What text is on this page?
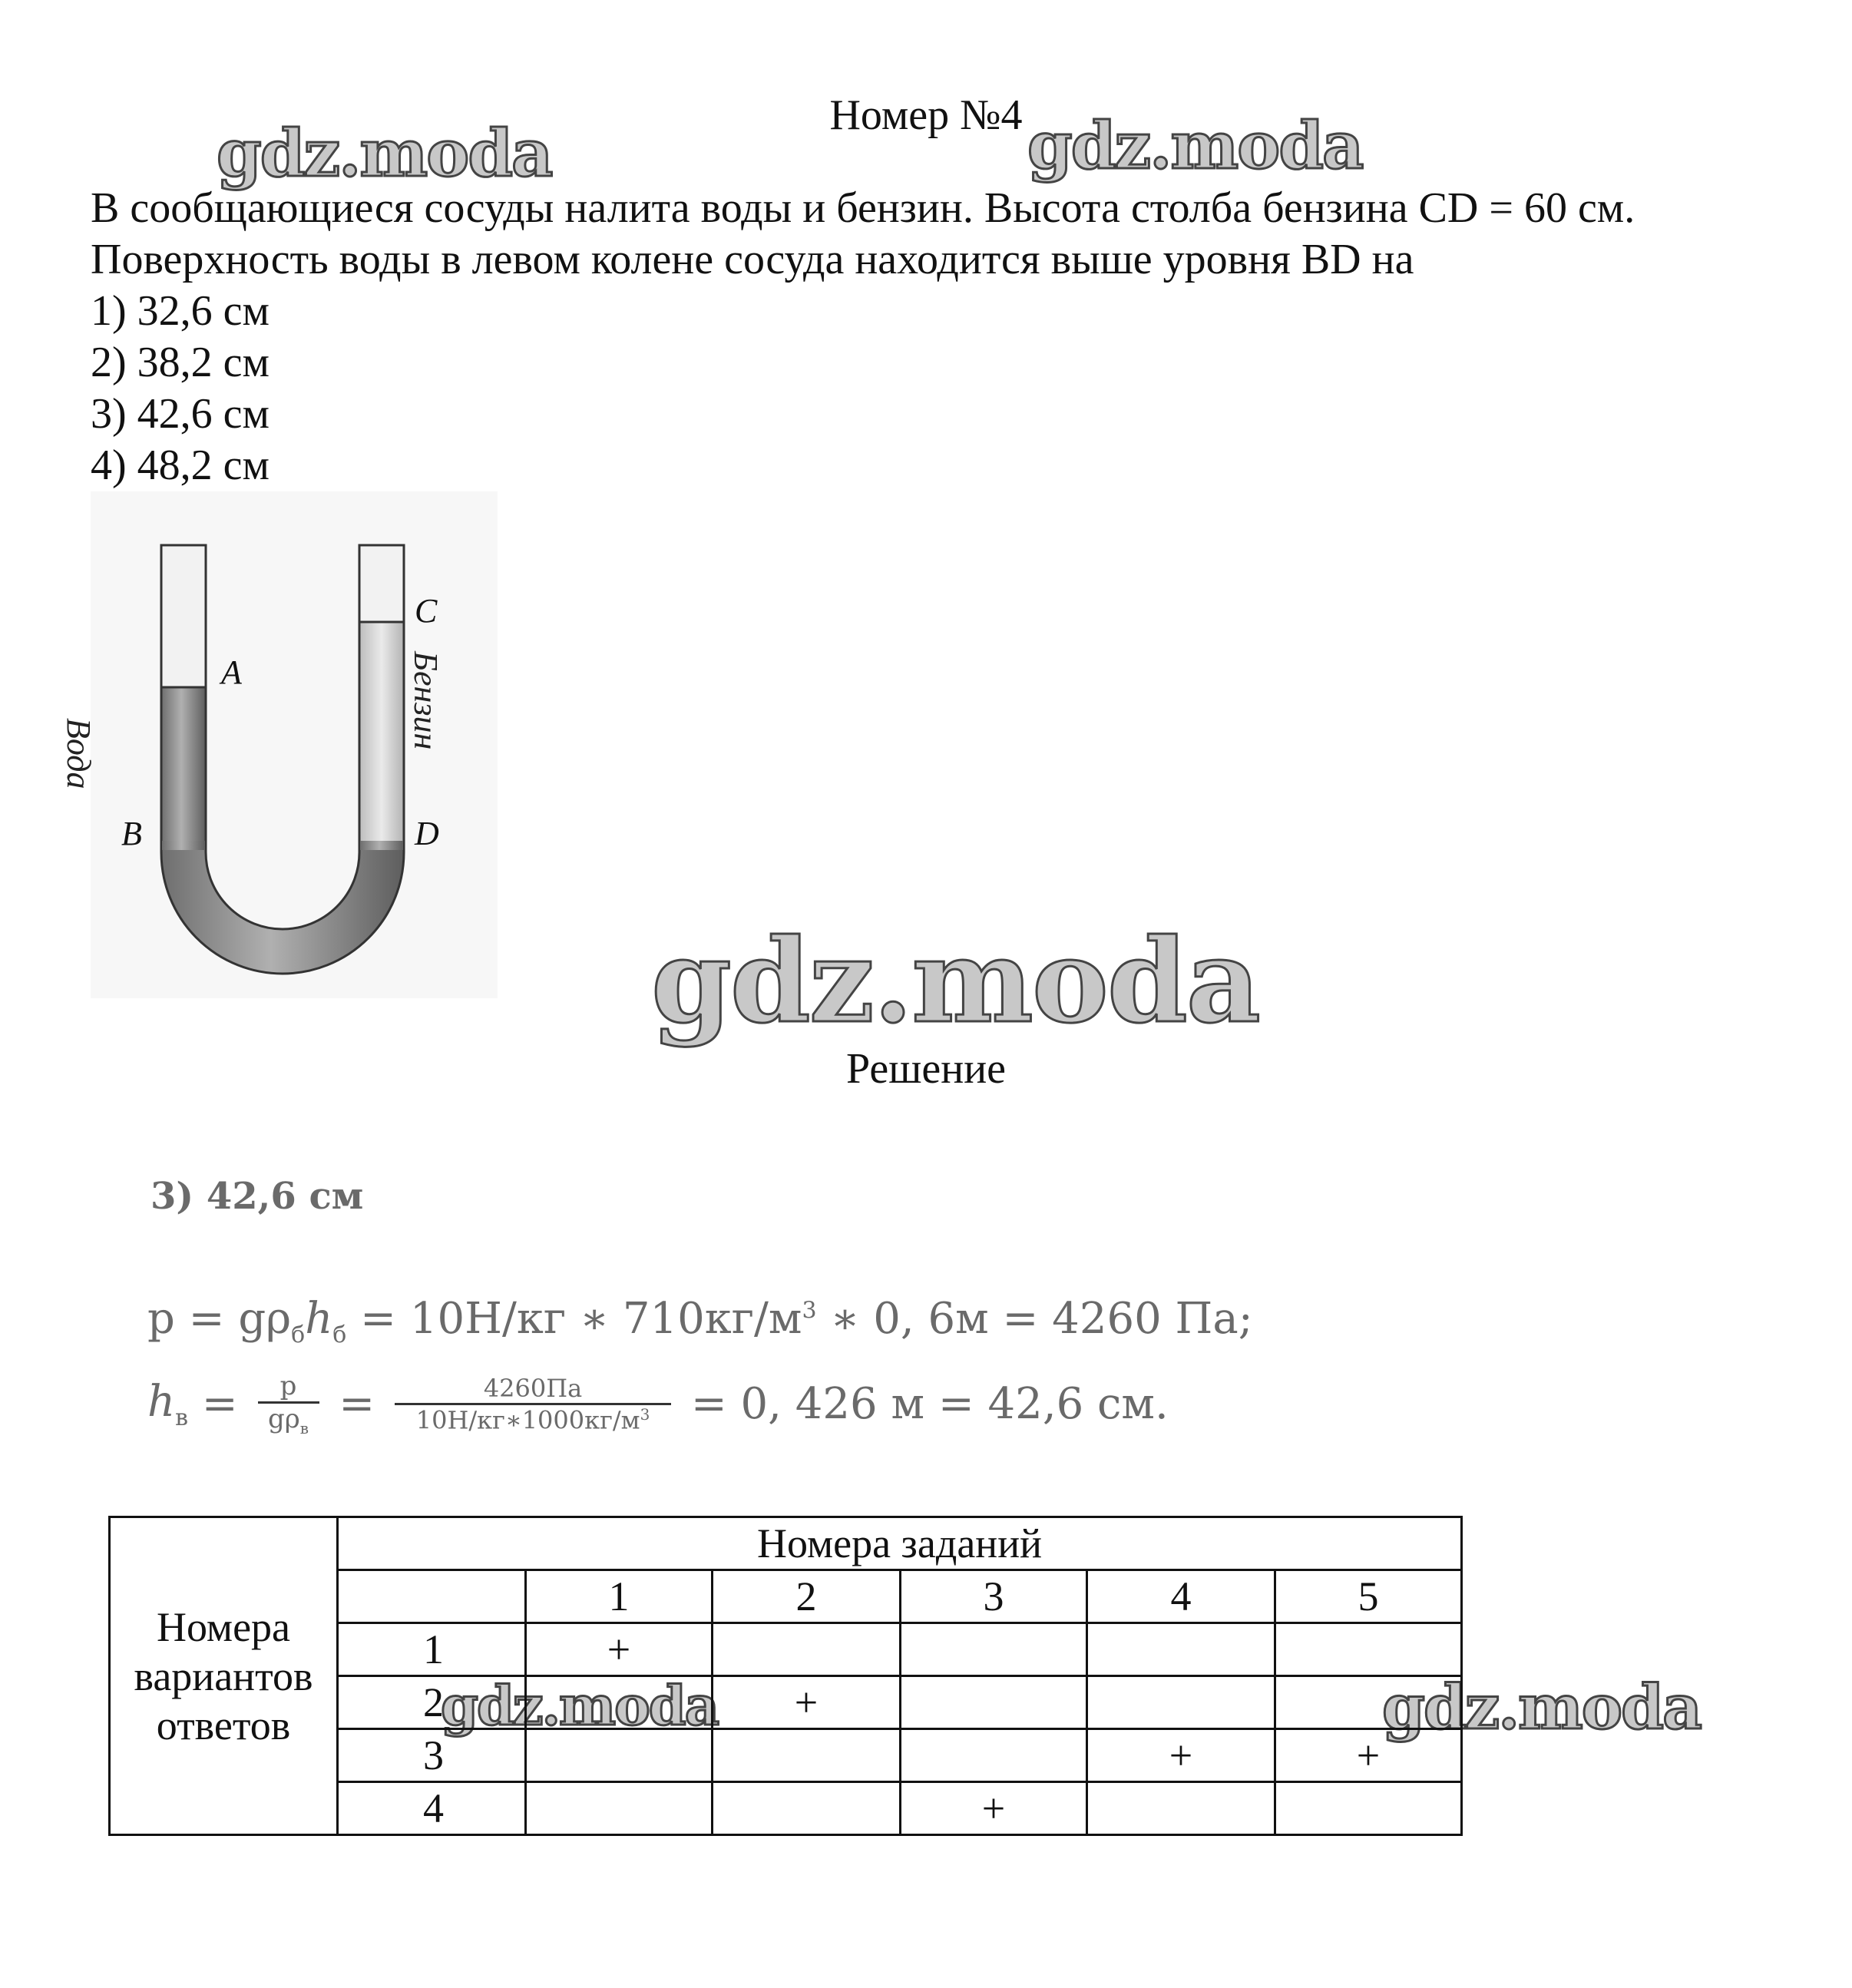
Номер №4
gdz.moda	gdz.moda
gdz.moda
gdz.moda	gdz.moda
В сообщающиеся сосуды налита воды и бензин. Высота столба бензина CD = 60 см.
Поверхность воды в левом колене сосуда находится выше уровня BD на
1) 32,6 см
2) 38,2 см
3) 42,6 см
4) 48,2 см
Вода
Бензин
A
B
C
D
Решение
3) 42,6 см
$p = g\rho_бh_б = 10Н/кг$ ∗ $710кг/м^3$ ∗ 0, 6м = 4260 Па;
$h_в = p$
$g\rho_в$ =	4260Па
$10Н/кг∗1000кг/м^3 = 0$, 426 м = 42,6 см.
Номера
вариантов
ответов	Номера заданий					
		1	2	3	4	5
	1	+				
	2		+			
	3				+	+
	4			+		
